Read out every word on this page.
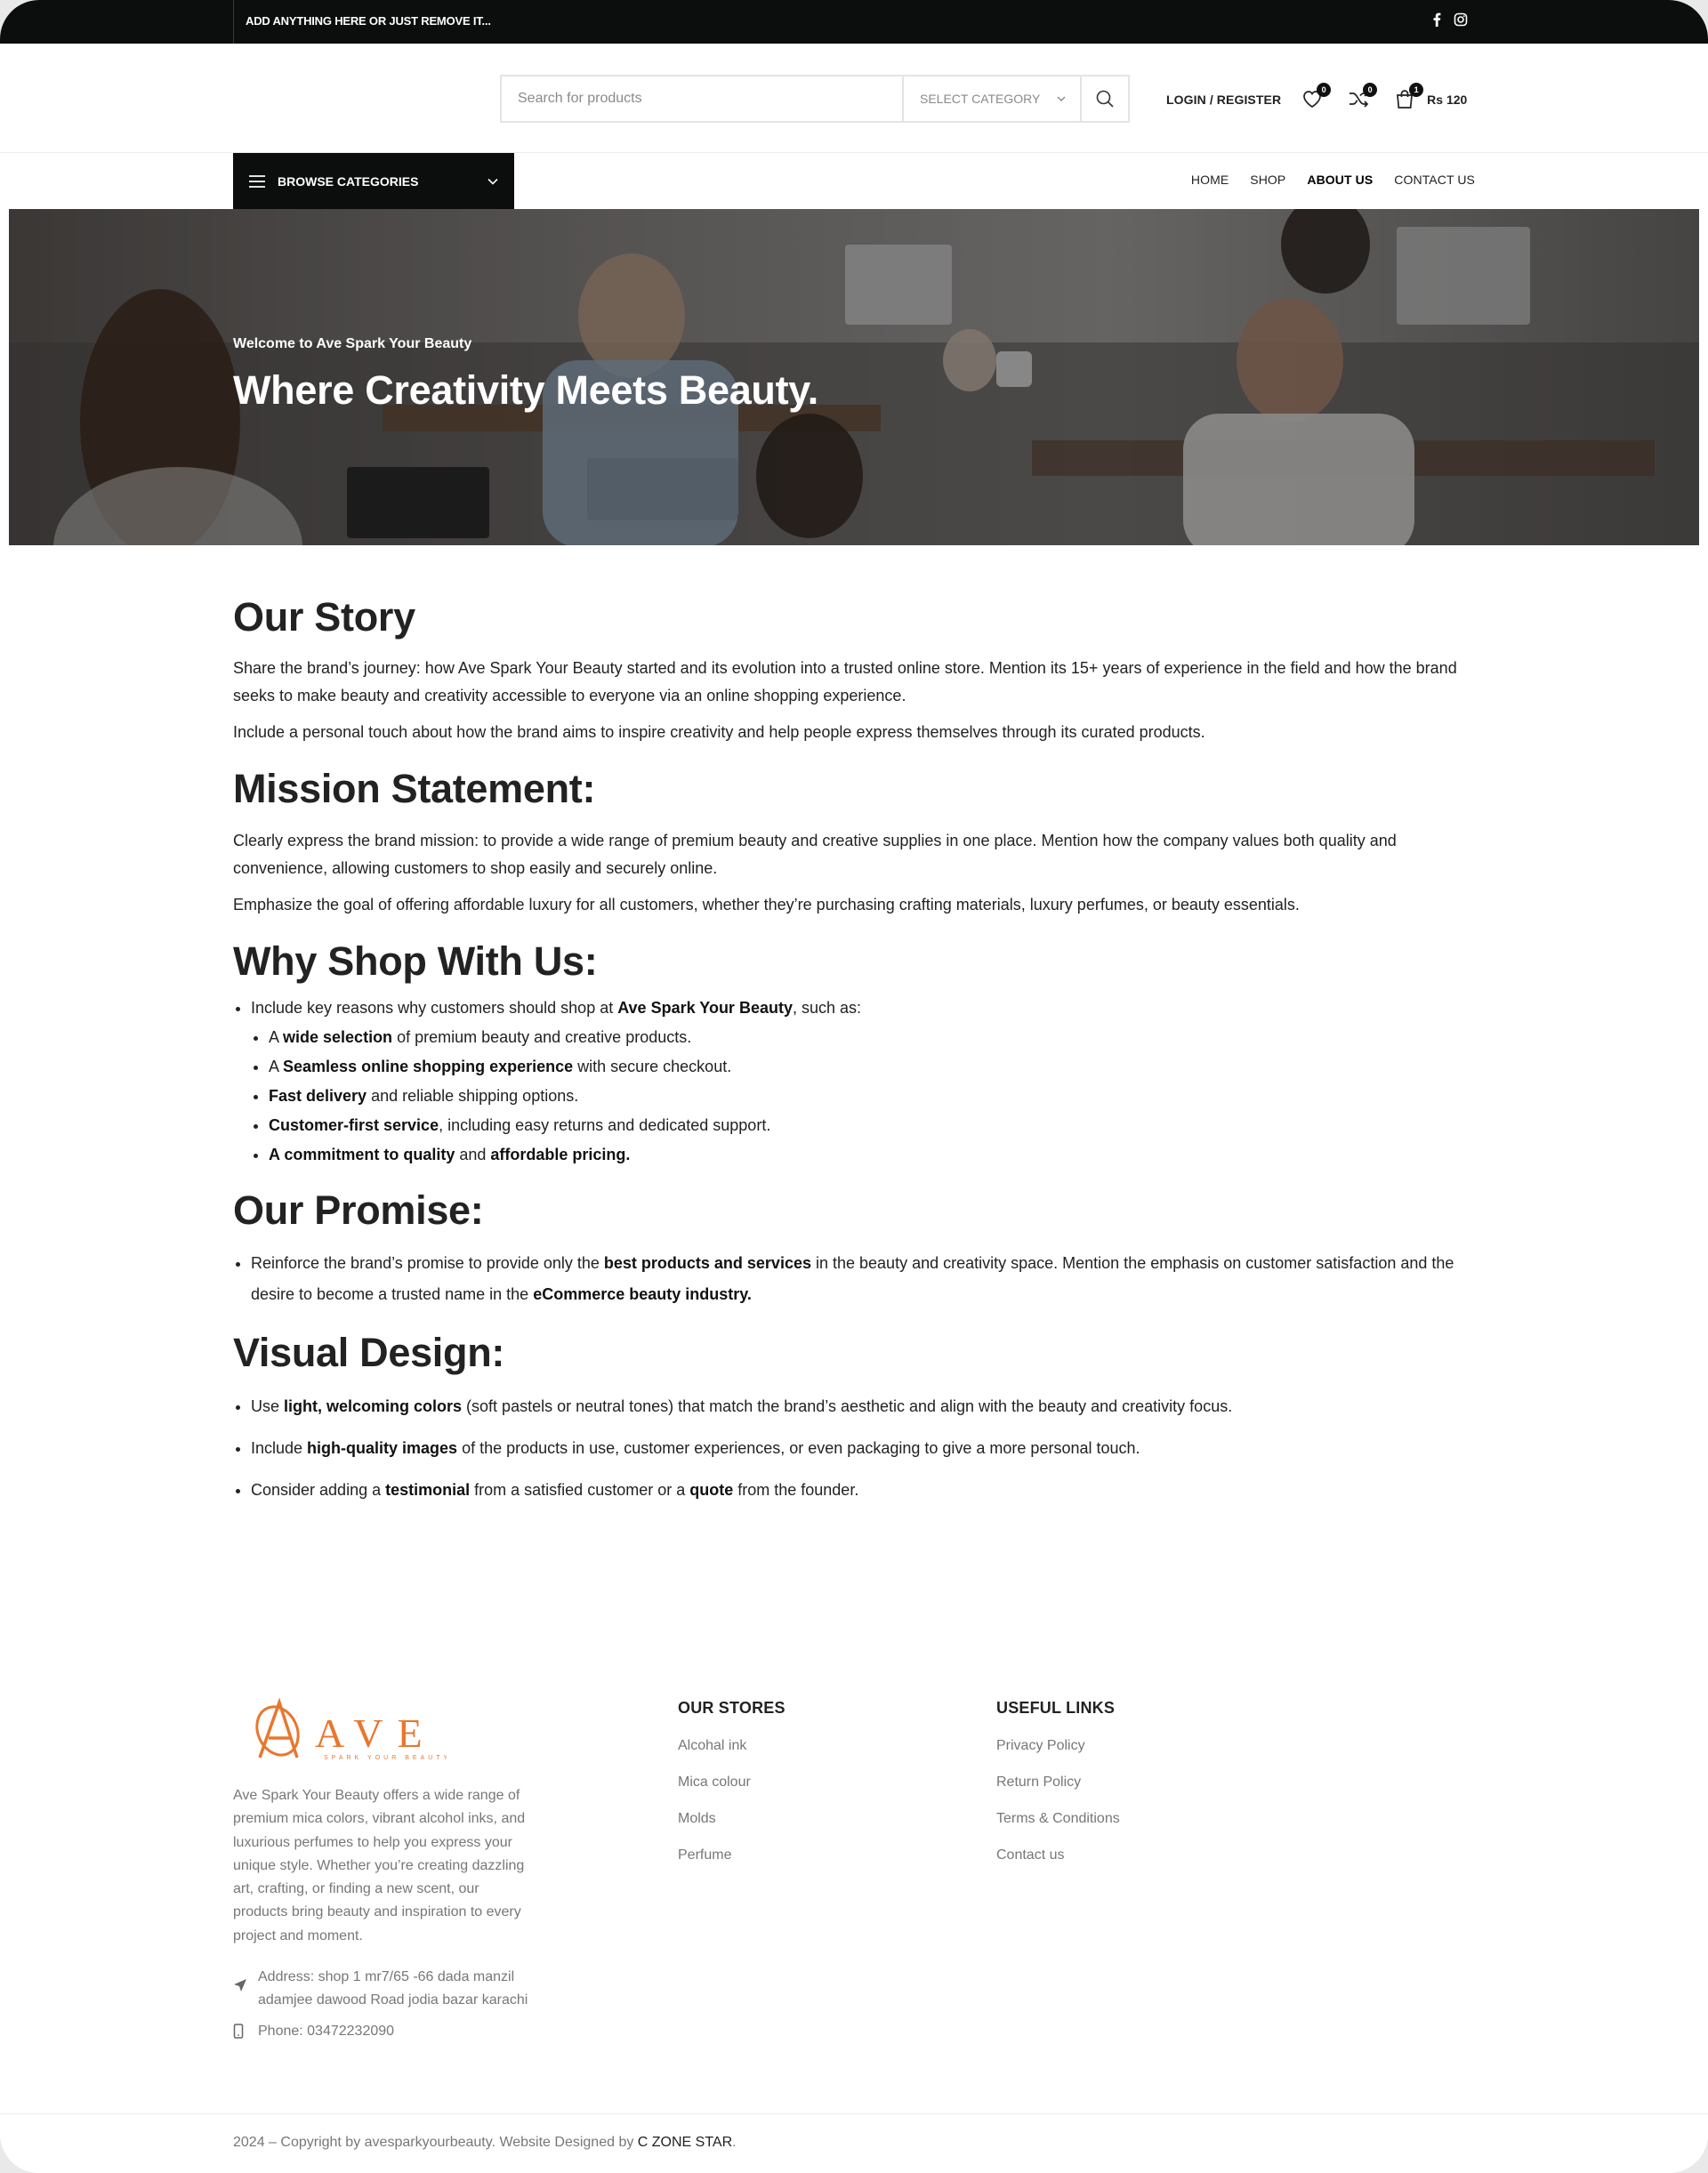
ADD ANYTHING HERE OR JUST REMOVE IT...
Search for products
SELECT CATEGORY	LOGIN / REGISTER
0	0	1
Rs 120
BROWSE CATEGORIES	HOME SHOP ABOUT US CONTACT US
Welcome to Ave Spark Your Beauty
Where Creativity Meets Beauty.
Our Story

Share the brand’s journey: how Ave Spark Your Beauty started and its evolution into a trusted online store. Mention its 15+ years of experience in the field and how the brand seeks to make beauty and creativity accessible to everyone via an online shopping experience.

Include a personal touch about how the brand aims to inspire creativity and help people express themselves through its curated products.

Mission Statement:

Clearly express the brand mission: to provide a wide range of premium beauty and creative supplies in one place. Mention how the company values both quality and convenience, allowing customers to shop easily and securely online.

Emphasize the goal of offering affordable luxury for all customers, whether they’re purchasing crafting materials, luxury perfumes, or beauty essentials.

Why Shop With Us:
• Include key reasons why customers should shop at Ave Spark Your Beauty, such as:
• A wide selection of premium beauty and creative products.
• A Seamless online shopping experience with secure checkout.
• Fast delivery and reliable shipping options.
• Customer-first service, including easy returns and dedicated support.
• A commitment to quality and affordable pricing.
Our Promise:
• Reinforce the brand’s promise to provide only the best products and services in the beauty and creativity space. Mention the emphasis on customer satisfaction and the desire to become a trusted name in the eCommerce beauty industry.
Visual Design:
• Use light, welcoming colors (soft pastels or neutral tones) that match the brand’s aesthetic and align with the beauty and creativity focus.
• Include high-quality images of the products in use, customer experiences, or even packaging to give a more personal touch.
• Consider adding a testimonial from a satisfied customer or a quote from the founder.
AVE
SPARK YOUR BEAUTY
Ave Spark Your Beauty offers a wide range of premium mica colors, vibrant alcohol inks, and luxurious perfumes to help you express your unique style. Whether you’re creating dazzling art, crafting, or finding a new scent, our products bring beauty and inspiration to every project and moment.
Address: shop 1 mr7/65 -66 dada manzil adamjee dawood Road jodia bazar karachi
Phone: 03472232090
OUR STORES
Alcohal ink
Mica colour
Molds
Perfume
USEFUL LINKS
Privacy Policy
Return Policy
Terms & Conditions
Contact us
2024 – Copyright by avesparkyourbeauty. Website Designed by C ZONE STAR.
